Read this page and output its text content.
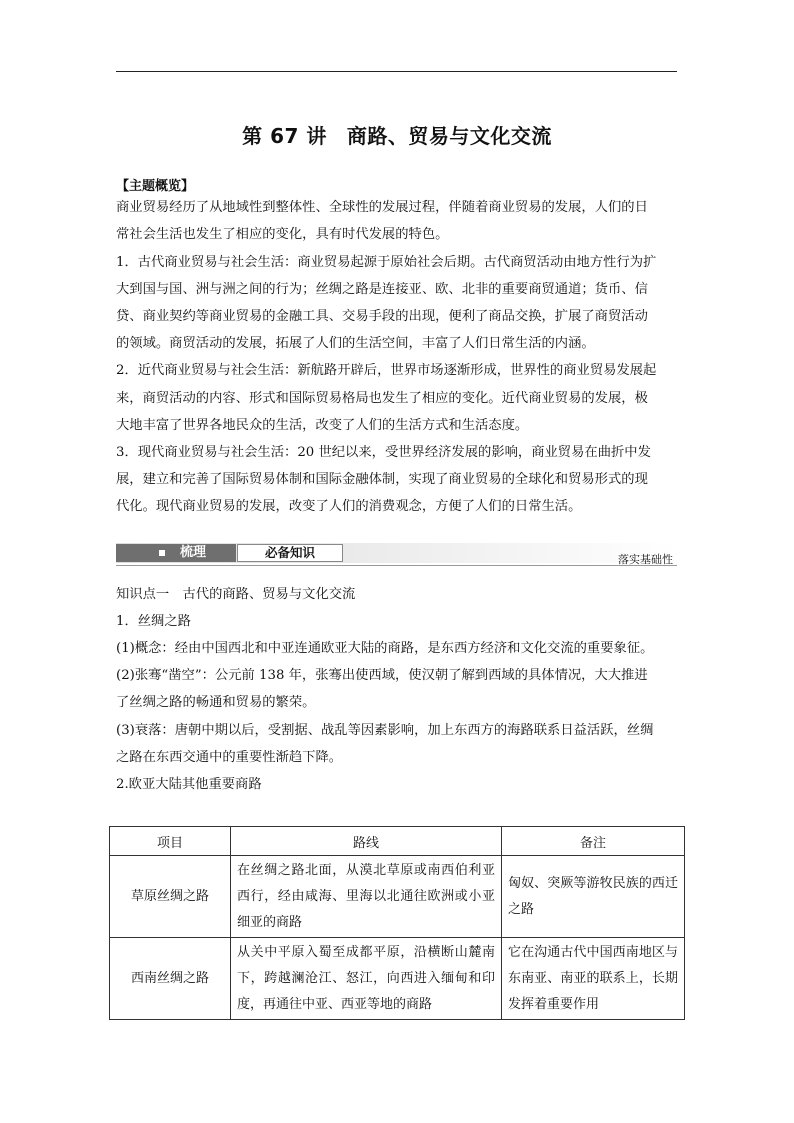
第 67 讲 商路、贸易与文化交流
【主题概览】
商业贸易经历了从地域性到整体性、全球性的发展过程，伴随着商业贸易的发展，人们的日
常社会生活也发生了相应的变化，具有时代发展的特色。
1．古代商业贸易与社会生活：商业贸易起源于原始社会后期。古代商贸活动由地方性行为扩
大到国与国、洲与洲之间的行为；丝绸之路是连接亚、欧、北非的重要商贸通道；货币、信
贷、商业契约等商业贸易的金融工具、交易手段的出现，便利了商品交换，扩展了商贸活动
的领域。商贸活动的发展，拓展了人们的生活空间，丰富了人们日常生活的内涵。
2．近代商业贸易与社会生活：新航路开辟后，世界市场逐渐形成，世界性的商业贸易发展起
来，商贸活动的内容、形式和国际贸易格局也发生了相应的变化。近代商业贸易的发展，极
大地丰富了世界各地民众的生活，改变了人们的生活方式和生活态度。
3．现代商业贸易与社会生活：20 世纪以来，受世界经济发展的影响，商业贸易在曲折中发
展，建立和完善了国际贸易体制和国际金融体制，实现了商业贸易的全球化和贸易形式的现
代化。现代商业贸易的发展，改变了人们的消费观念，方便了人们的日常生活。
梳理	必备知识	落实基础性
知识点一　古代的商路、贸易与文化交流
1．丝绸之路
(1)概念：经由中国西北和中亚连通欧亚大陆的商路，是东西方经济和文化交流的重要象征。
(2)张骞“凿空”：公元前 138 年，张骞出使西域，使汉朝了解到西域的具体情况，大大推进
了丝绸之路的畅通和贸易的繁荣。
(3)衰落：唐朝中期以后，受割据、战乱等因素影响，加上东西方的海路联系日益活跃，丝绸
之路在东西交通中的重要性渐趋下降。
2.欧亚大陆其他重要商路
项目	路线	备注
草原丝绸之路	在丝绸之路北面，从漠北草原或南西伯利亚西行，经由咸海、里海以北通往欧洲或小亚细亚的商路	匈奴、突厥等游牧民族的西迁之路
西南丝绸之路	从关中平原入蜀至成都平原，沿横断山麓南下，跨越澜沧江、怒江，向西进入缅甸和印度，再通往中亚、西亚等地的商路	它在沟通古代中国西南地区与东南亚、南亚的联系上，长期发挥着重要作用
